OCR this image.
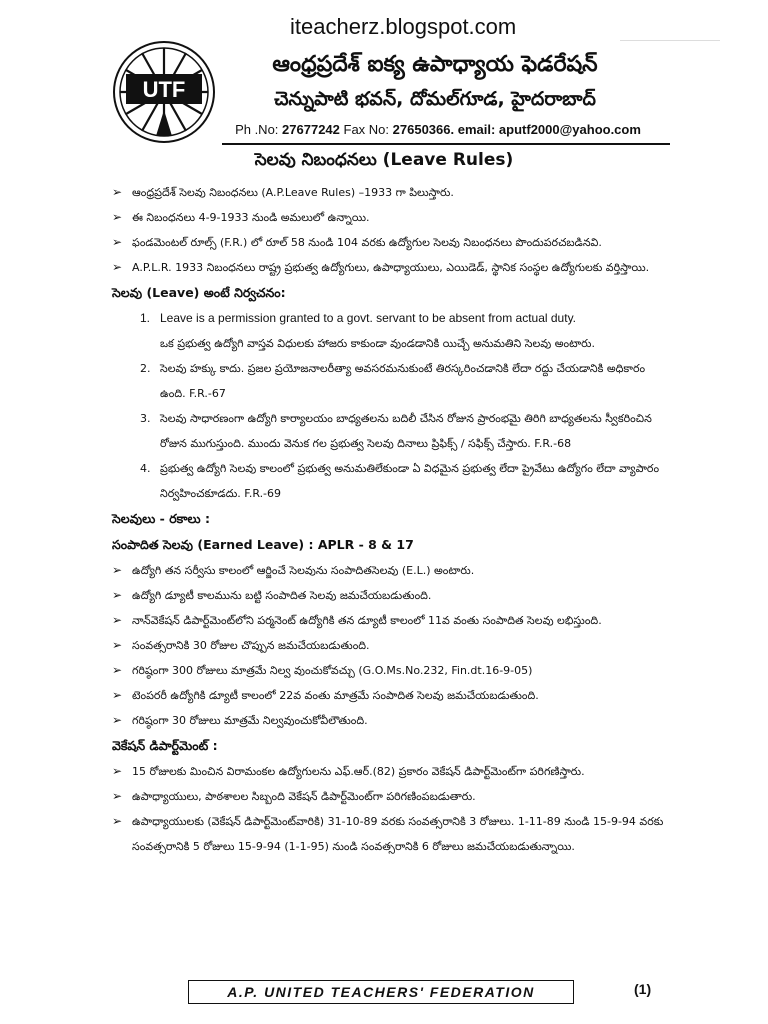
iteacherz.blogspot.com
UTF
ఆంధ్రప్రదేశ్ ఐక్య ఉపాధ్యాయ ఫెడరేషన్
చెన్నుపాటి భవన్, దోమల్‌గూడ, హైదరాబాద్
Ph .No: 27677242 Fax No: 27650366. email: aputf2000@yahoo.com
సెలవు నిబంధనలు (Leave Rules)
➢ ఆంధ్రప్రదేశ్ సెలవు నిబంధనలు (A.P.Leave Rules) –1933 గా పిలుస్తారు.
➢ ఈ నిబంధనలు 4-9-1933 నుండి అమలులో ఉన్నాయి.
➢ ఫండమెంటల్ రూల్స్ (F.R.) లో రూల్ 58 నుండి 104 వరకు ఉద్యోగుల సెలవు నిబంధనలు పొందుపరచబడినవి.
➢ A.P.L.R. 1933 నిబంధనలు రాష్ట్ర ప్రభుత్వ ఉద్యోగులు, ఉపాధ్యాయులు, ఎయిడెడ్, స్థానిక సంస్థల ఉద్యోగులకు వర్తిస్తాయి.
సెలవు (Leave) అంటే నిర్వచనం:
1. Leave is a permission granted to a govt. servant to be absent from actual duty.
ఒక ప్రభుత్వ ఉద్యోగి వాస్తవ విధులకు హాజరు కాకుండా వుండడానికి యిచ్చే అనుమతిని సెలవు అంటారు.
2. సెలవు హక్కు కాదు. ప్రజల ప్రయోజనాలరీత్యా అవసరమనుకుంటే తిరస్కరించడానికి లేదా రద్దు చేయడానికి అధికారం ఉంది. F.R.-67
3. సెలవు సాధారణంగా ఉద్యోగి కార్యాలయం బాధ్యతలను బదిలీ చేసిన రోజున ప్రారంభమై తిరిగి బాధ్యతలను స్వీకరించిన రోజున ముగుస్తుంది. ముందు వెనుక గల ప్రభుత్వ సెలవు దినాలు ప్రిఫిక్స్ / సఫిక్స్ చేస్తారు. F.R.-68
4. ప్రభుత్వ ఉద్యోగి సెలవు కాలంలో ప్రభుత్వ అనుమతిలేకుండా ఏ విధమైన ప్రభుత్వ లేదా ప్రైవేటు ఉద్యోగం లేదా వ్యాపారం నిర్వహించకూడదు. F.R.-69
సెలవులు - రకాలు :
సంపాదిత సెలవు (Earned Leave) : APLR - 8 & 17
➢ ఉద్యోగి తన సర్వీసు కాలంలో ఆర్జించే సెలవును సంపాదితసెలవు (E.L.) అంటారు.
➢ ఉద్యోగి డ్యూటీ కాలమును బట్టి సంపాదిత సెలవు జమచేయబడుతుంది.
➢ నాన్‌వెకేషన్ డిపార్ట్‌మెంట్‌లోని పర్మనెంట్ ఉద్యోగికి తన డ్యూటీ కాలంలో 11వ వంతు సంపాదిత సెలవు లభిస్తుంది.
➢ సంవత్సరానికి 30 రోజుల చొప్పున జమచేయబడుతుంది.
➢ గరిష్ఠంగా 300 రోజులు మాత్రమే నిల్వ వుంచుకోవచ్చు (G.O.Ms.No.232, Fin.dt.16-9-05)
➢ టెంపరరీ ఉద్యోగికి డ్యూటీ కాలంలో 22వ వంతు మాత్రమే సంపాదిత సెలవు జమచేయబడుతుంది.
➢ గరిష్ఠంగా 30 రోజులు మాత్రమే నిల్వవుంచుకోవీలౌతుంది.
వెకేషన్ డిపార్ట్‌మెంట్ :
➢ 15 రోజులకు మించిన విరామంకల ఉద్యోగులను ఎఫ్.ఆర్.(82) ప్రకారం వెకేషన్ డిపార్ట్‌మెంట్‌గా పరిగణిస్తారు.
➢ ఉపాధ్యాయులు, పాఠశాలల సిబ్బంది వెకేషన్ డిపార్ట్‌మెంట్‌గా పరిగణింపబడుతారు.
➢ ఉపాధ్యాయులకు (వెకేషన్ డిపార్ట్‌మెంట్‌వారికి) 31-10-89 వరకు సంవత్సరానికి 3 రోజులు. 1-11-89 నుండి 15-9-94 వరకు సంవత్సరానికి 5 రోజులు 15-9-94 (1-1-95) నుండి సంవత్సరానికి 6 రోజులు జమచేయబడుతున్నాయి.
A.P. UNITED TEACHERS' FEDERATION	(1)
